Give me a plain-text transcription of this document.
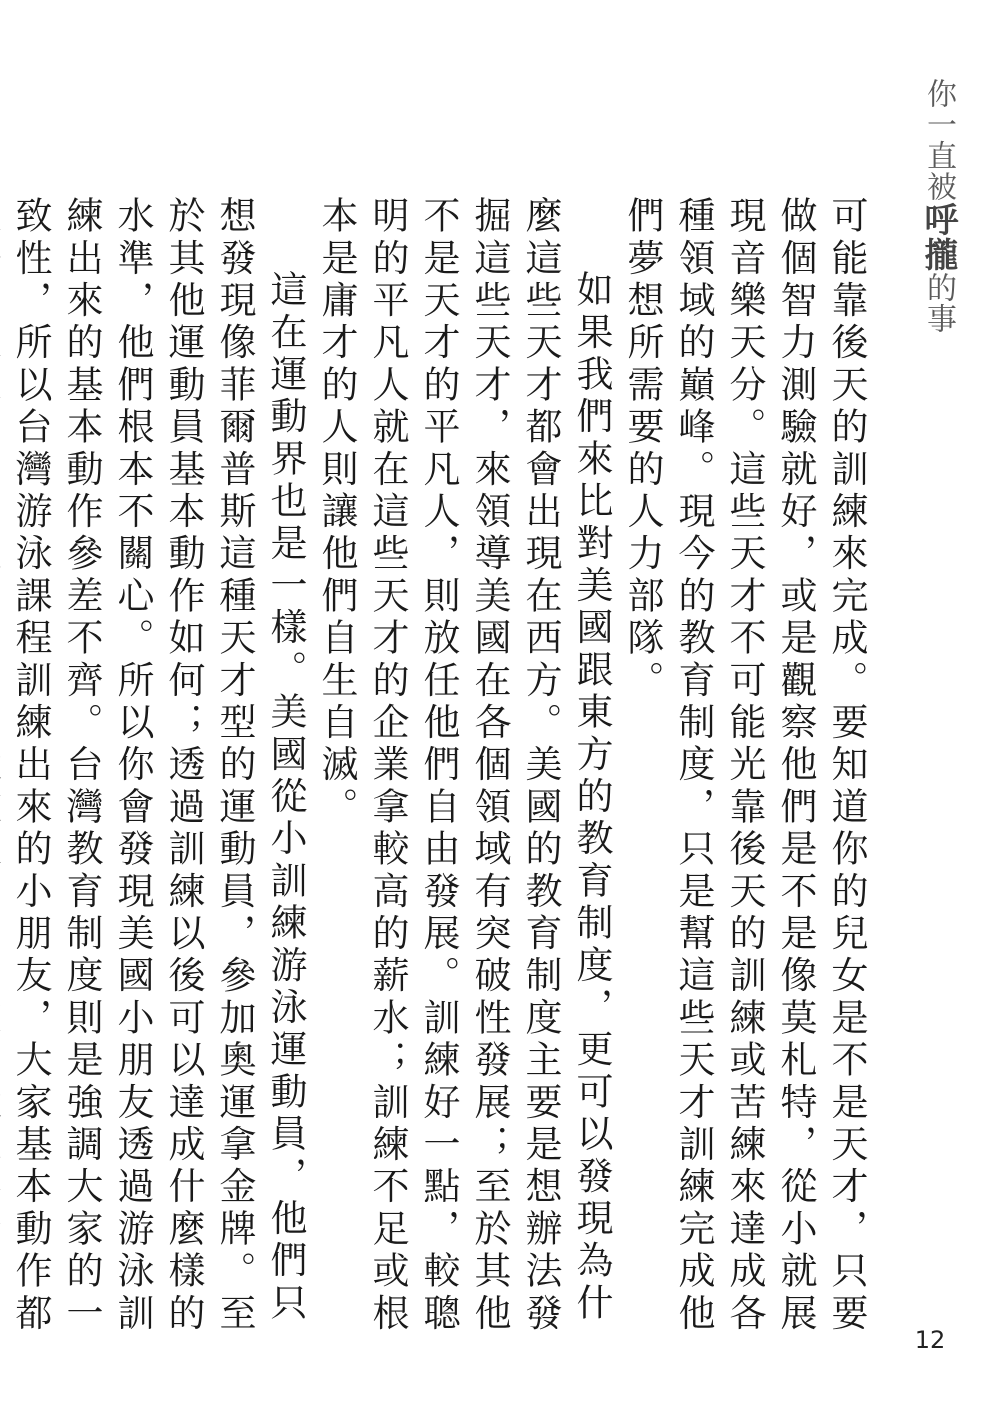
你一直被呼攏的事

可能靠後天的訓練來完成。要知道你的兒女是不是天才，只要做個智力測驗就好，或是觀察他們是不是像莫札特，從小就展現音樂天分。這些天才不可能光靠後天的訓練或苦練來達成各種領域的巔峰。現今的教育制度，只是幫這些天才訓練完成他們夢想所需要的人力部隊。

如果我們來比對美國跟東方的教育制度，更可以發現為什麼這些天才都會出現在西方。美國的教育制度主要是想辦法發掘這些天才，來領導美國在各個領域有突破性發展；至於其他不是天才的平凡人，則放任他們自由發展。訓練好一點，較聰明的平凡人就在這些天才的企業拿較高的薪水；訓練不足或根本是庸才的人則讓他們自生自滅。

這在運動界也是一樣。美國從小訓練游泳運動員，他們只想發現像菲爾普斯這種天才型的運動員，參加奧運拿金牌。至於其他運動員基本動作如何；透過訓練以後可以達成什麼樣的水準，他們根本不關心。所以你會發現美國小朋友透過游泳訓練出來的基本動作參差不齊。台灣教育制度則是強調大家的一致性，所以台灣游泳課程訓練出來的小朋友，大家基本動作都

12
